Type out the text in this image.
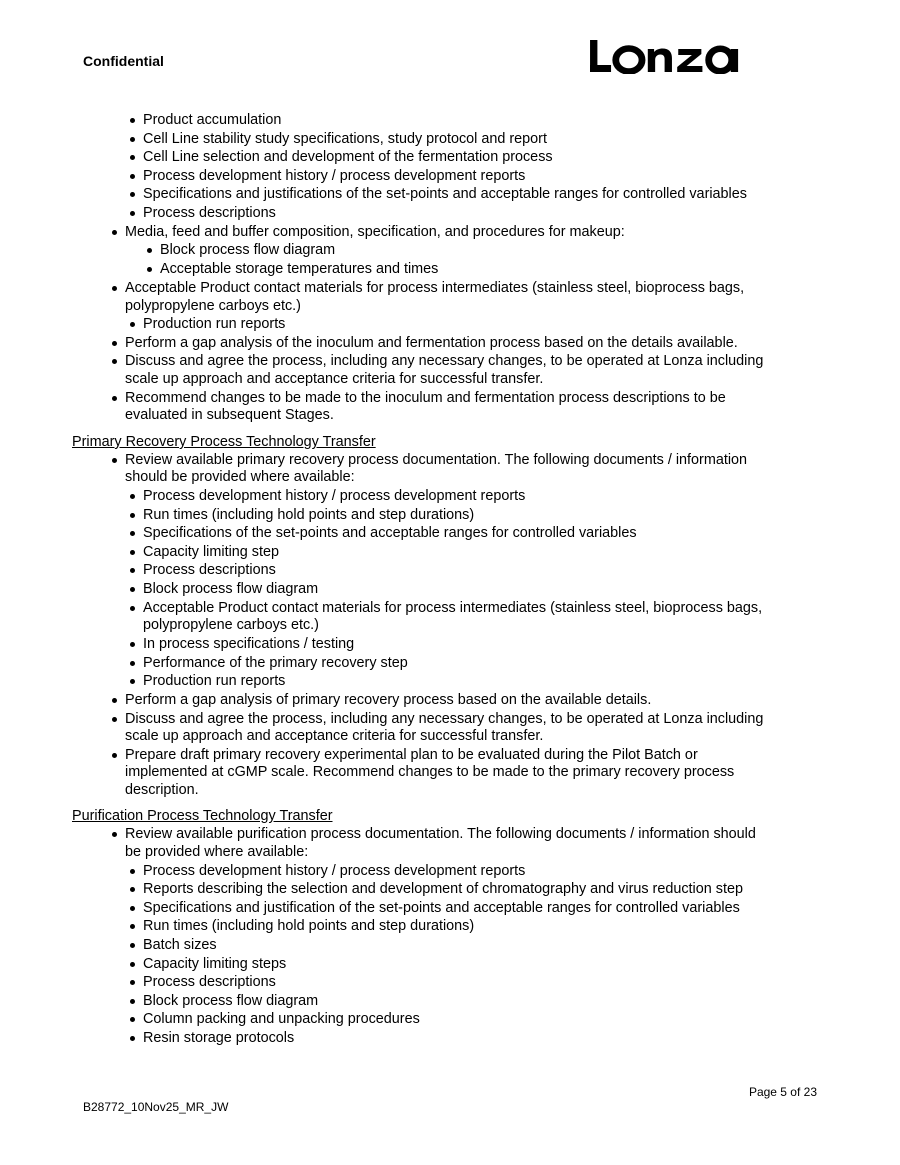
Confidential
Product accumulation
Cell Line stability study specifications, study protocol and report
Cell Line selection and development of the fermentation process
Process development history / process development reports
Specifications and justifications of the set-points and acceptable ranges for controlled variables
Process descriptions
Media, feed and buffer composition, specification, and procedures for makeup:
Block process flow diagram
Acceptable storage temperatures and times
Acceptable Product contact materials for process intermediates (stainless steel, bioprocess bags,
polypropylene carboys etc.)
Production run reports
Perform a gap analysis of the inoculum and fermentation process based on the details available.
Discuss and agree the process, including any necessary changes, to be operated at Lonza including
scale up approach and acceptance criteria for successful transfer.
Recommend changes to be made to the inoculum and fermentation process descriptions to be
evaluated in subsequent Stages.
Primary Recovery Process Technology Transfer
Review available primary recovery process documentation. The following documents / information
should be provided where available:
Process development history / process development reports
Run times (including hold points and step durations)
Specifications of the set-points and acceptable ranges for controlled variables
Capacity limiting step
Process descriptions
Block process flow diagram
Acceptable Product contact materials for process intermediates (stainless steel, bioprocess bags,
polypropylene carboys etc.)
In process specifications / testing
Performance of the primary recovery step
Production run reports
Perform a gap analysis of primary recovery process based on the available details.
Discuss and agree the process, including any necessary changes, to be operated at Lonza including
scale up approach and acceptance criteria for successful transfer.
Prepare draft primary recovery experimental plan to be evaluated during the Pilot Batch or
implemented at cGMP scale. Recommend changes to be made to the primary recovery process
description.
Purification Process Technology Transfer
Review available purification process documentation. The following documents / information should
be provided where available:
Process development history / process development reports
Reports describing the selection and development of chromatography and virus reduction step
Specifications and justification of the set-points and acceptable ranges for controlled variables
Run times (including hold points and step durations)
Batch sizes
Capacity limiting steps
Process descriptions
Block process flow diagram
Column packing and unpacking procedures
Resin storage protocols
Page 5 of 23
B28772_10Nov25_MR_JW
